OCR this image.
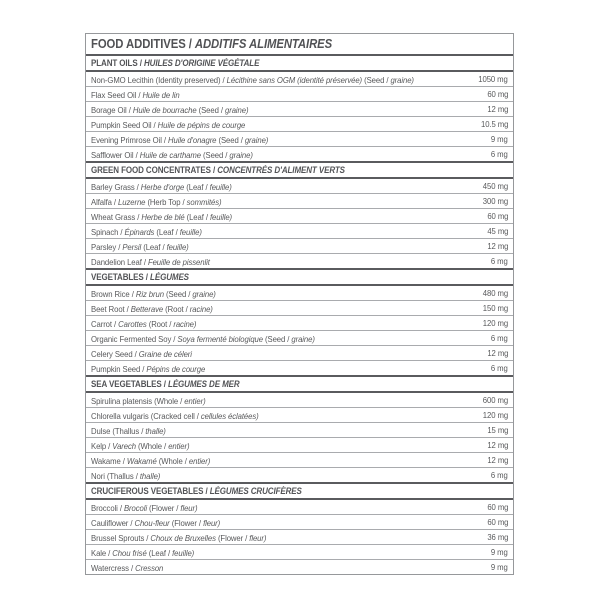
FOOD ADDITIVES / ADDITIFS ALIMENTAIRES
PLANT OILS / HUILES D'ORIGINE VÉGÉTALE
Non-GMO Lecithin (Identity preserved) / Lécithine sans OGM (identité préservée) (Seed / graine)	1050 mg
Flax Seed Oil / Huile de lin	60 mg
Borage Oil / Huile de bourrache (Seed / graine)	12 mg
Pumpkin Seed Oil / Huile de pépins de courge	10.5 mg
Evening Primrose Oil / Huile d'onagre (Seed / graine)	9 mg
Safflower Oil / Huile de carthame (Seed / graine)	6 mg
GREEN FOOD CONCENTRATES / CONCENTRÉS D'ALIMENT VERTS
Barley Grass / Herbe d'orge (Leaf / feuille)	450 mg
Alfalfa / Luzerne (Herb Top / sommités)	300 mg
Wheat Grass / Herbe de blé (Leaf / feuille)	60 mg
Spinach / Épinards (Leaf / feuille)	45 mg
Parsley / Persil (Leaf / feuille)	12 mg
Dandelion Leaf / Feuille de pissenlit	6 mg
VEGETABLES / LÉGUMES
Brown Rice / Riz brun (Seed / graine)	480 mg
Beet Root / Betterave (Root / racine)	150 mg
Carrot / Carottes (Root / racine)	120 mg
Organic Fermented Soy / Soya fermenté biologique (Seed / graine)	6 mg
Celery Seed / Graine de céleri	12 mg
Pumpkin Seed / Pépins de courge	6 mg
SEA VEGETABLES / LÉGUMES DE MER
Spirulina platensis (Whole / entier)	600 mg
Chlorella vulgaris (Cracked cell / cellules éclatées)	120 mg
Dulse (Thallus / thalle)	15 mg
Kelp / Varech (Whole / entier)	12 mg
Wakame / Wakamé (Whole / entier)	12 mg
Nori (Thallus / thalle)	6 mg
CRUCIFEROUS VEGETABLES / LÉGUMES CRUCIFÈRES
Broccoli / Brocoli (Flower / fleur)	60 mg
Cauliflower / Chou-fleur (Flower / fleur)	60 mg
Brussel Sprouts / Choux de Bruxelles (Flower / fleur)	36 mg
Kale / Chou frisé (Leaf / feuille)	9 mg
Watercress / Cresson	9 mg
